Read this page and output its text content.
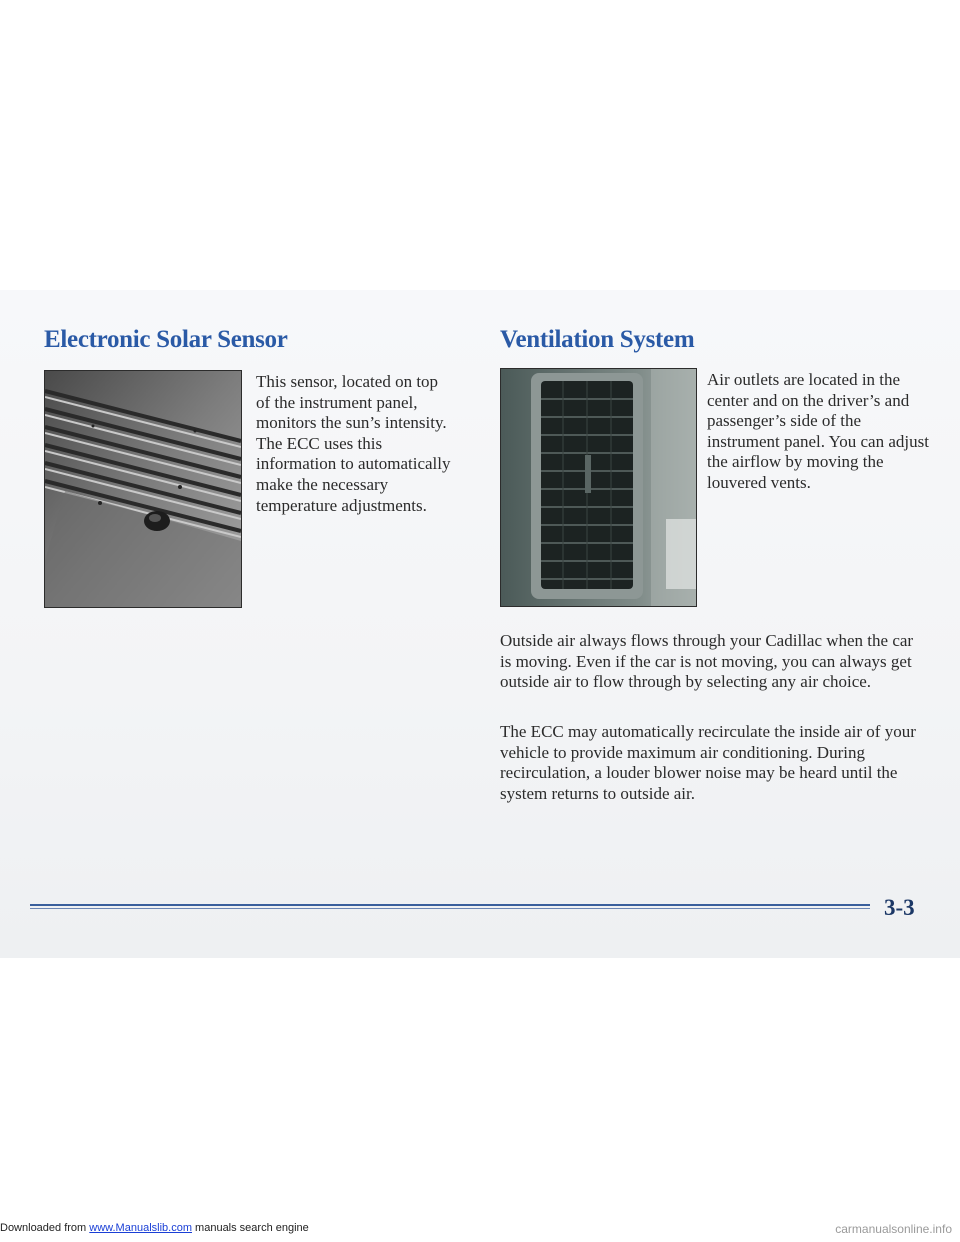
Downloaded from www.Manualslib.com manuals search engine
Electronic Solar Sensor

This sensor, located on top of the instrument panel, monitors the sun’s intensity. The ECC uses this information to automatically make the necessary temperature adjustments.

Ventilation System

Air outlets are located in the center and on the driver’s and passenger’s side of the instrument panel. You can adjust the airflow by moving the louvered vents.

Outside air always flows through your Cadillac when the car is moving. Even if the car is not moving, you can always get outside air to flow through by selecting any air choice.

The ECC may automatically recirculate the inside air of your vehicle to provide maximum air conditioning. During recirculation, a louder blower noise may be heard until the system returns to outside air.

3-3
carmanualsonline.info
